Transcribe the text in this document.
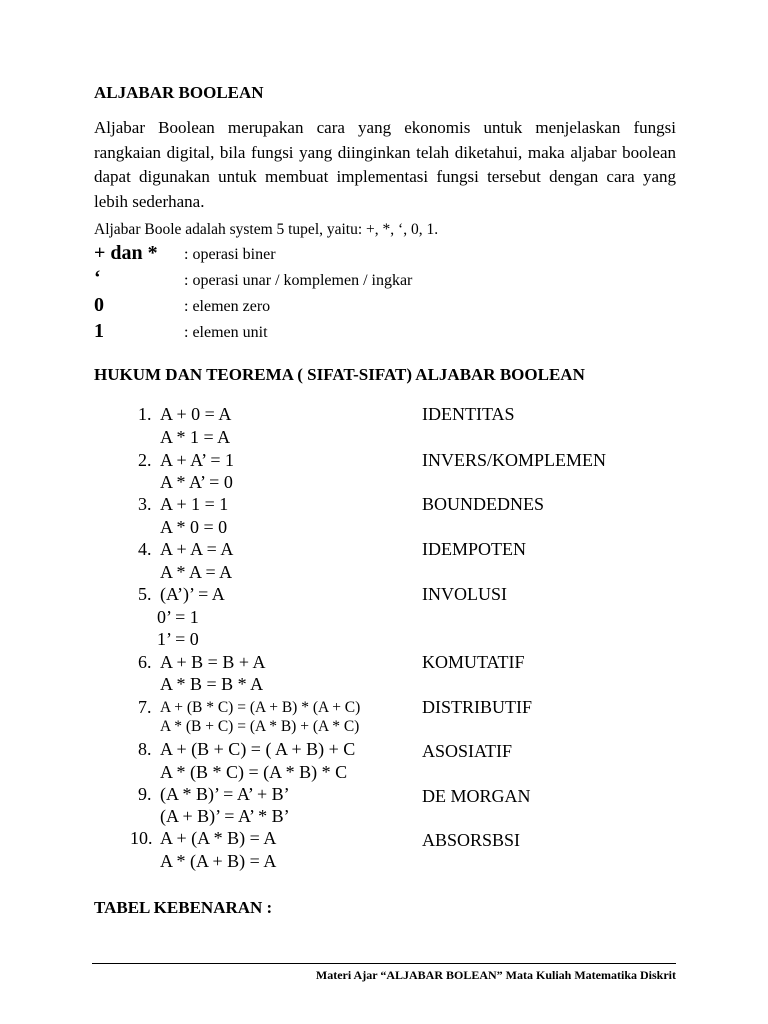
ALJABAR BOOLEAN
Aljabar Boolean merupakan cara yang ekonomis untuk menjelaskan fungsi rangkaian digital, bila fungsi yang diinginkan telah diketahui, maka aljabar boolean dapat digunakan untuk membuat implementasi fungsi tersebut dengan cara yang lebih sederhana.
Aljabar Boole adalah system 5 tupel, yaitu: +, *, ‘, 0, 1.
+ dan * : operasi biner
‘	: operasi unar / komplemen / ingkar
0	: elemen zero
1	: elemen unit
HUKUM DAN TEOREMA ( SIFAT-SIFAT) ALJABAR BOOLEAN
1. A + 0 = A
A * 1 = A
IDENTITAS
2. A + A’ = 1
A * A’ = 0
INVERS/KOMPLEMEN
3. A + 1 = 1
A * 0 = 0
BOUNDEDNES
4. A + A = A
A * A = A
IDEMPOTEN
5. (A’)’ = A
0’ = 1
1’ = 0
INVOLUSI
6. A + B = B + A
A * B = B * A
KOMUTATIF
7. A + (B * C) = (A + B) * (A + C)
A * (B + C) = (A * B) + (A * C)
DISTRIBUTIF
8. A + (B + C) = ( A + B) + C
A * (B * C) = (A * B) * C
ASOSIATIF
9. (A * B)’ = A’ + B’
(A + B)’ = A’ * B’
DE MORGAN
10. A + (A * B) = A
A * (A + B) = A
ABSORSBSI
TABEL KEBENARAN :
Materi Ajar “ALJABAR BOLEAN” Mata Kuliah Matematika Diskrit
